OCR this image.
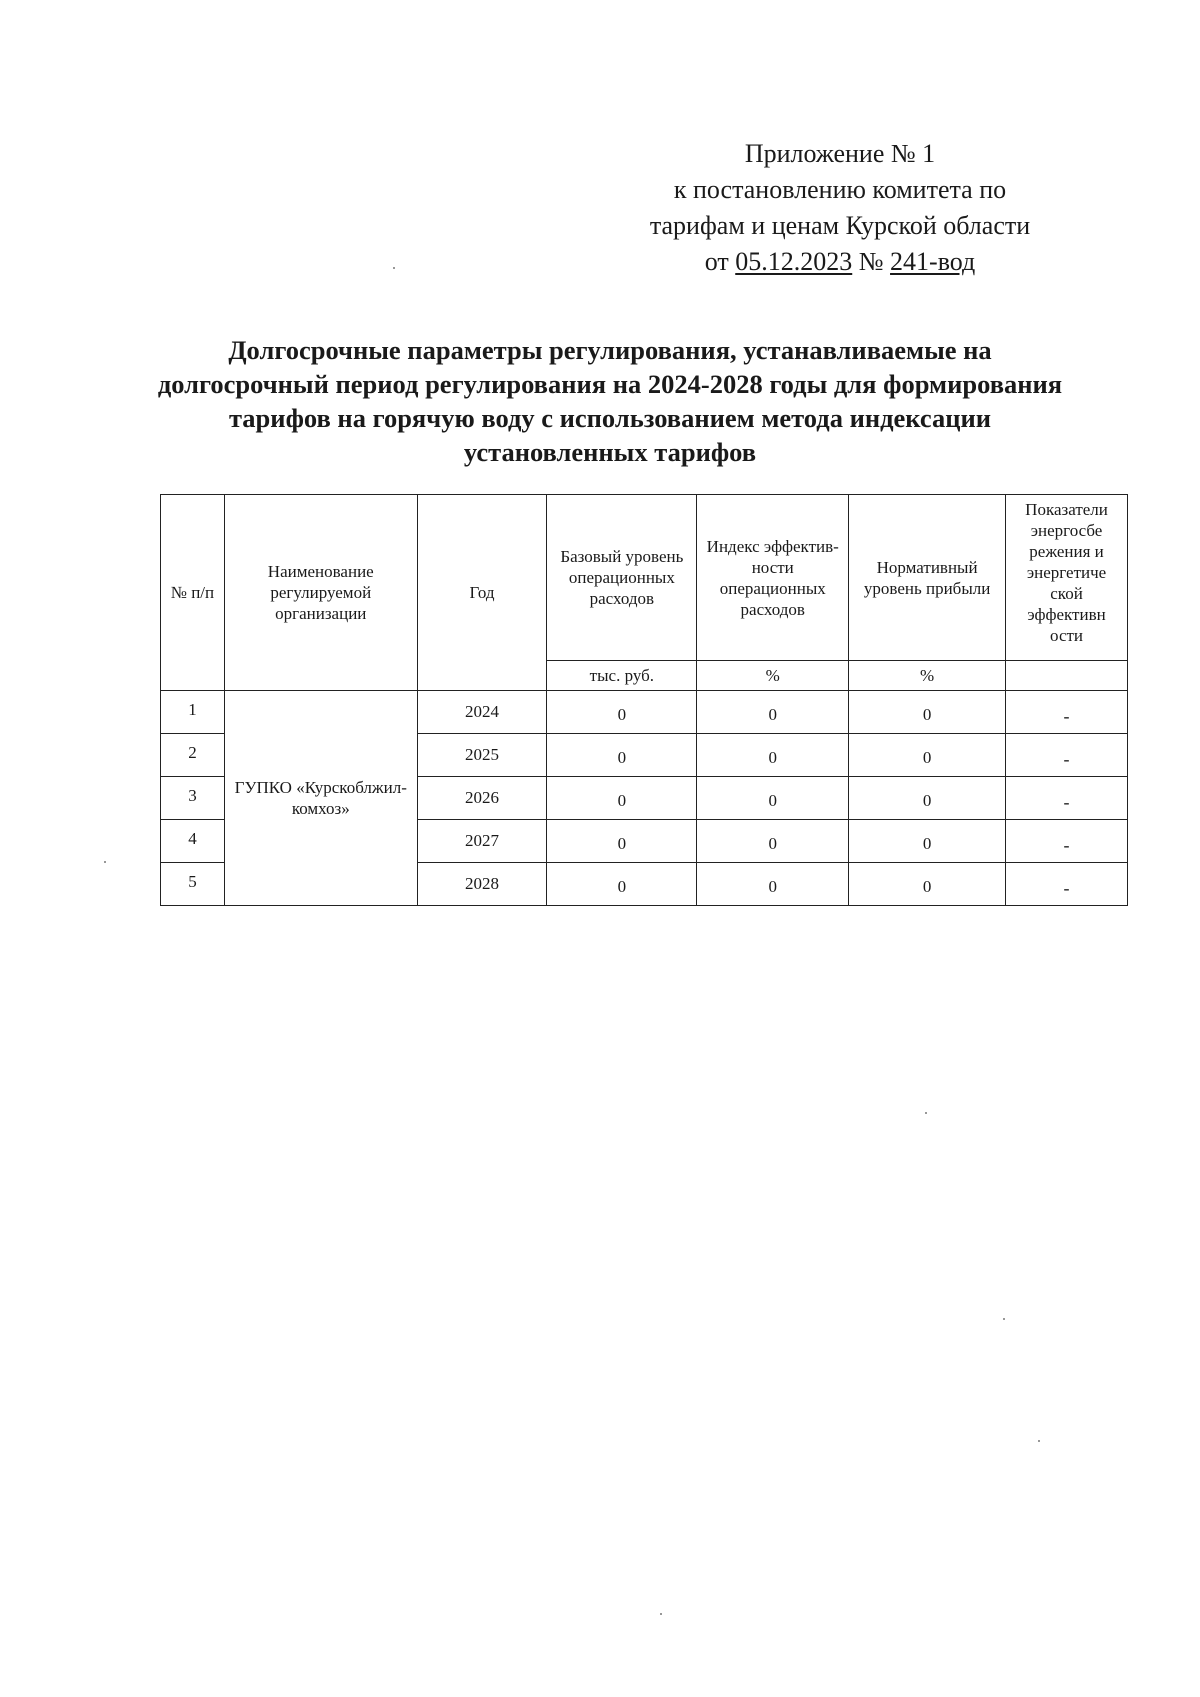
Приложение № 1
к постановлению комитета по
тарифам и ценам Курской области
от 05.12.2023 № 241-вод
Долгосрочные параметры регулирования, устанавливаемые на долгосрочный период регулирования на 2024-2028 годы для формирования тарифов на горячую воду с использованием метода индексации установленных тарифов
№ п/п	Наименование регулируемой организации	Год	Базовый уровень операционных расходов	Индекс эффектив-ности операционных расходов	Нормативный уровень прибыли	Показатели энергосбе режения и энергетиче ской эффективн ости
			тыс. руб.	%	%	
1	ГУПКО «Курскоблжил-комхоз»	2024	0	0	0	-
2		2025	0	0	0	-
3		2026	0	0	0	-
4		2027	0	0	0	-
5		2028	0	0	0	-
